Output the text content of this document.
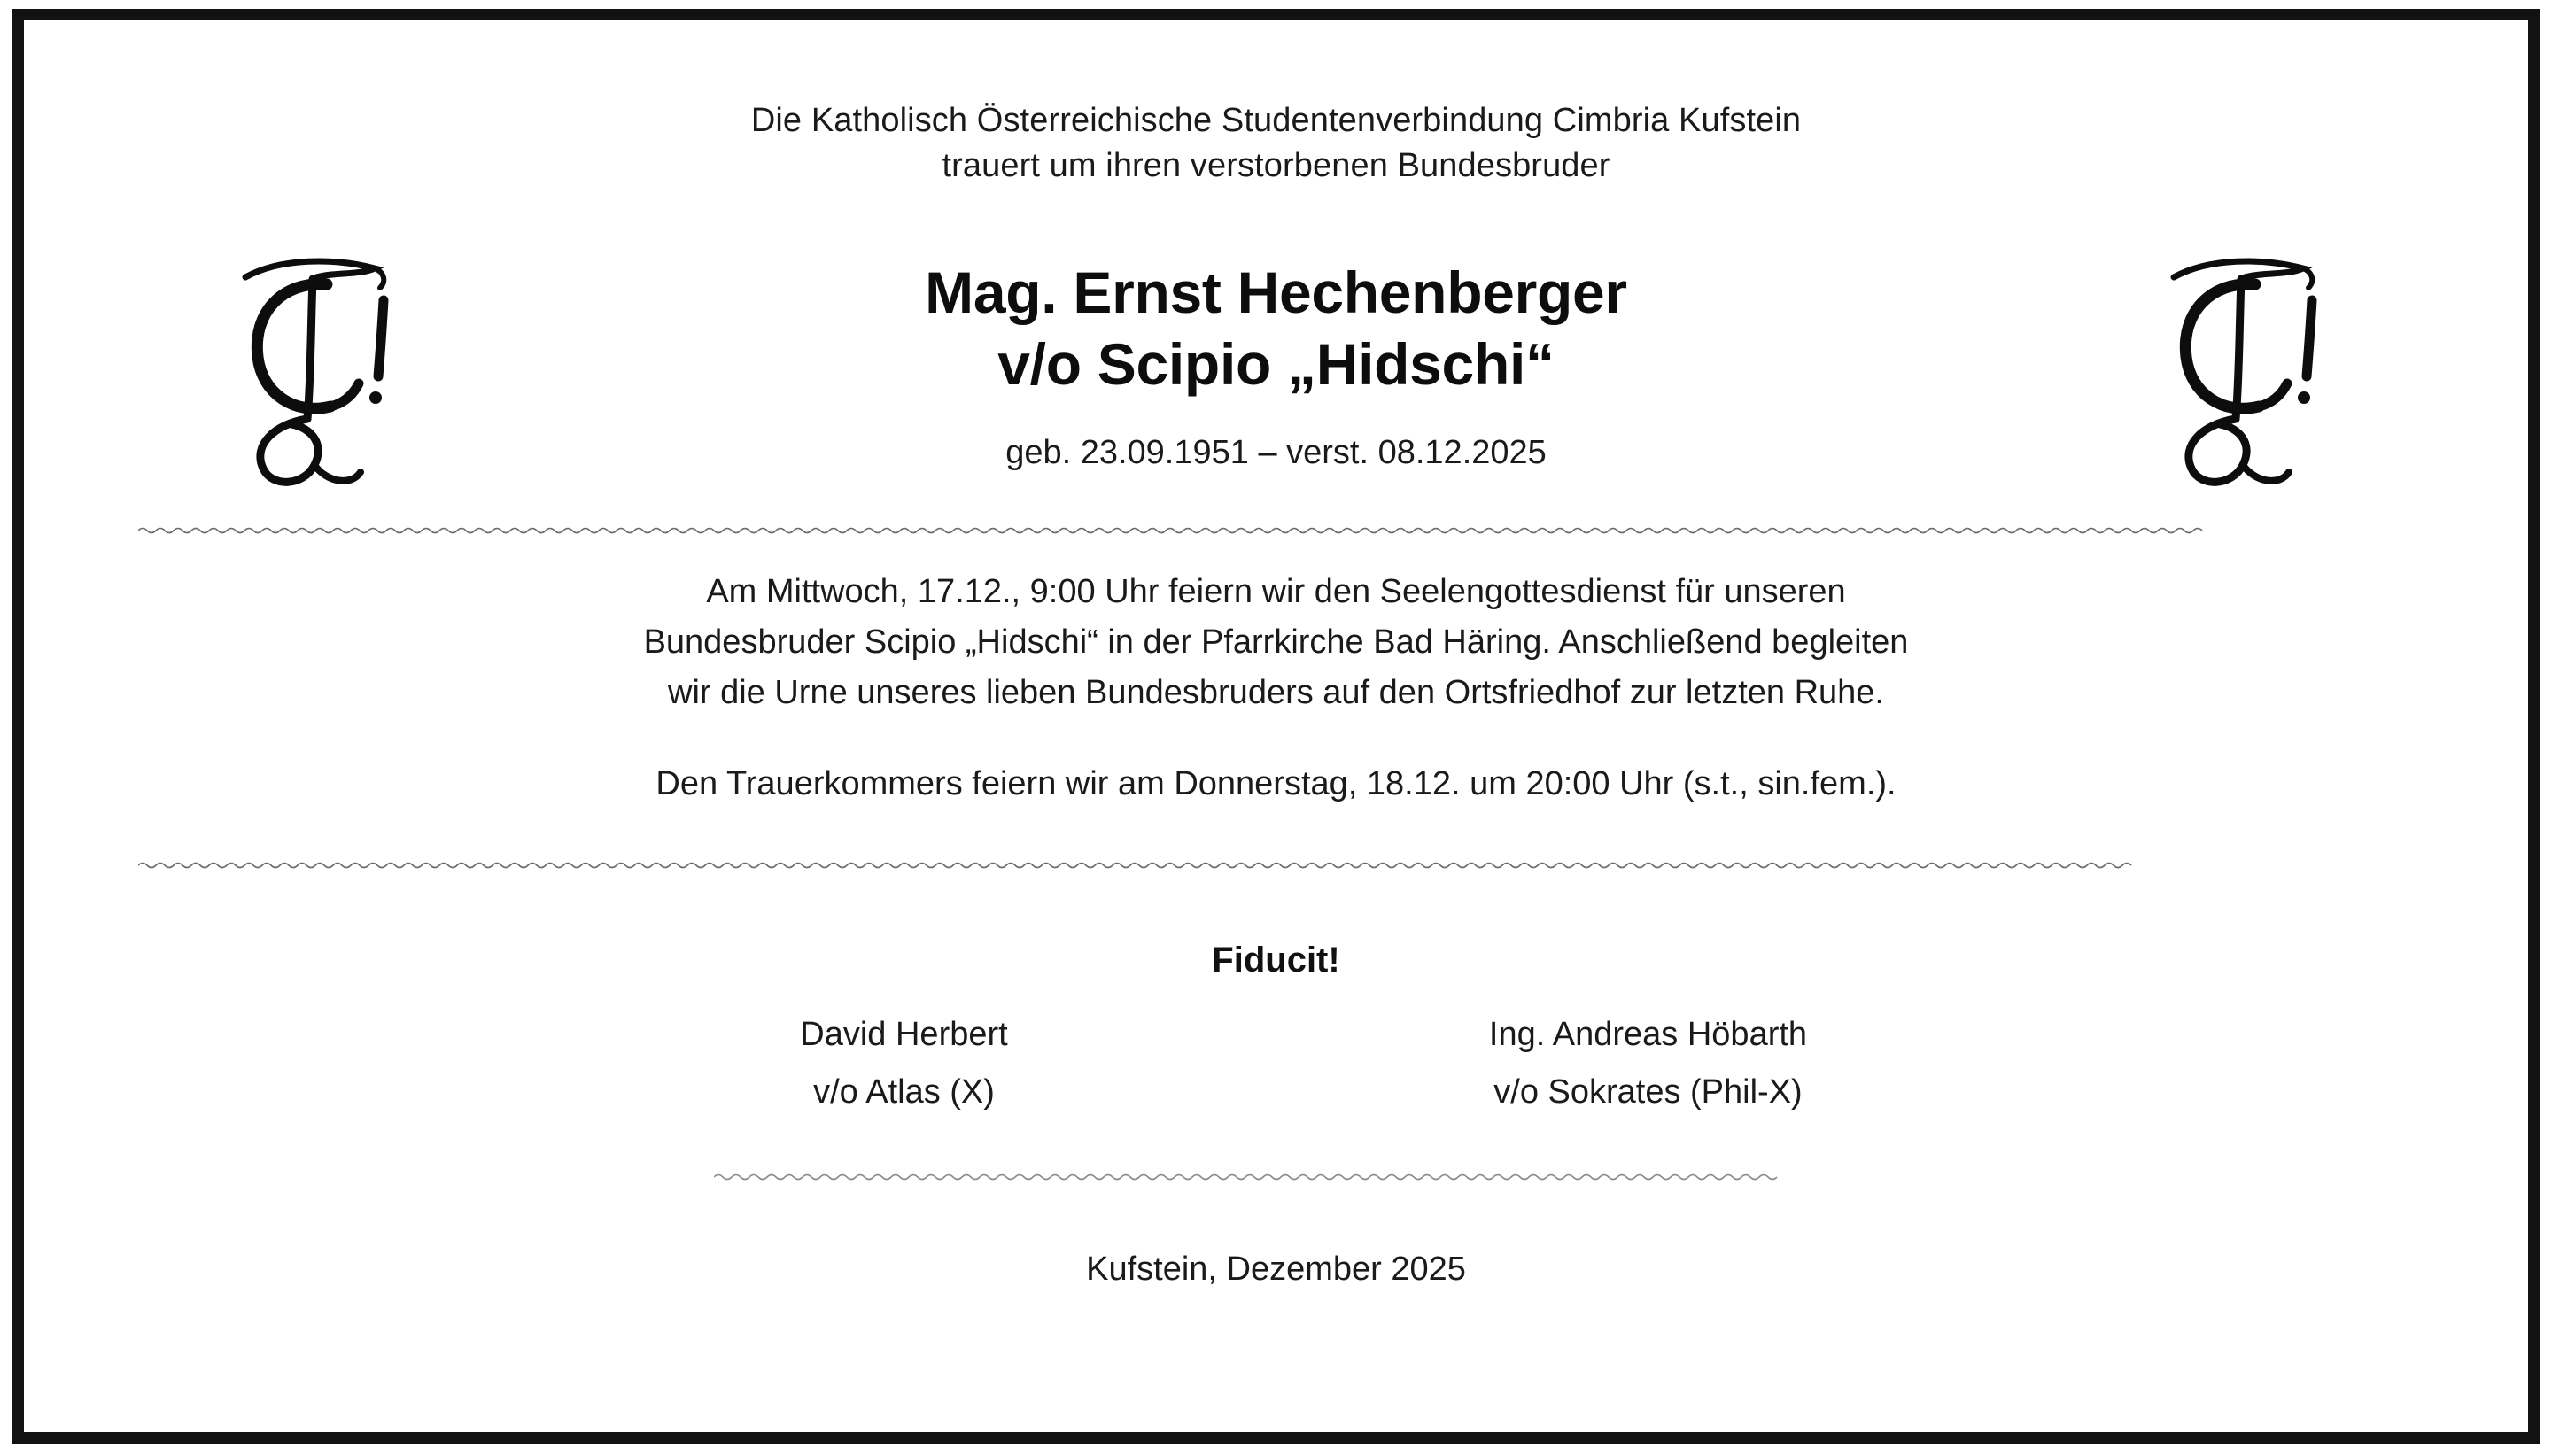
Die Katholisch Österreichische Studentenverbindung Cimbria Kufstein
trauert um ihren verstorbenen Bundesbruder
Mag. Ernst Hechenberger
v/o Scipio „Hidschi“
geb. 23.09.1951 – verst. 08.12.2025
Am Mittwoch, 17.12., 9:00 Uhr feiern wir den Seelengottesdienst für unseren
Bundesbruder Scipio „Hidschi“ in der Pfarrkirche Bad Häring. Anschließend begleiten
wir die Urne unseres lieben Bundesbruders auf den Ortsfriedhof zur letzten Ruhe.
Den Trauerkommers feiern wir am Donnerstag, 18.12. um 20:00 Uhr (s.t., sin.fem.).
Fiducit!
David Herbert
v/o Atlas (X)
Ing. Andreas Höbarth
v/o Sokrates (Phil-X)
Kufstein, Dezember 2025
